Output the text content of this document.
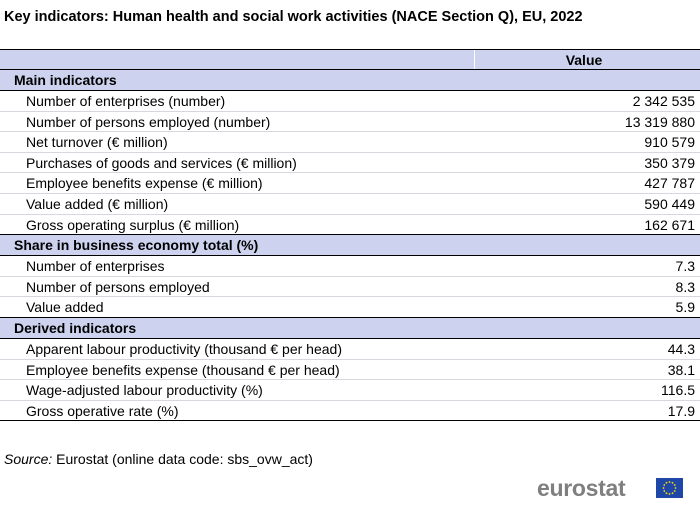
Key indicators: Human health and social work activities (NACE Section Q), EU, 2022
Value
Main indicators
Number of enterprises (number)	2 342 535
Number of persons employed (number)	13 319 880
Net turnover (€ million)	910 579
Purchases of goods and services (€ million)	350 379
Employee benefits expense (€ million)	427 787
Value added (€ million)	590 449
Gross operating surplus (€ million)	162 671
Share in business economy total (%)
Number of enterprises	7.3
Number of persons employed	8.3
Value added	5.9
Derived indicators
Apparent labour productivity (thousand € per head)	44.3
Employee benefits expense (thousand € per head)	38.1
Wage-adjusted labour productivity (%)	116.5
Gross operative rate (%)	17.9
Source: Eurostat (online data code: sbs_ovw_act)
eurostat
